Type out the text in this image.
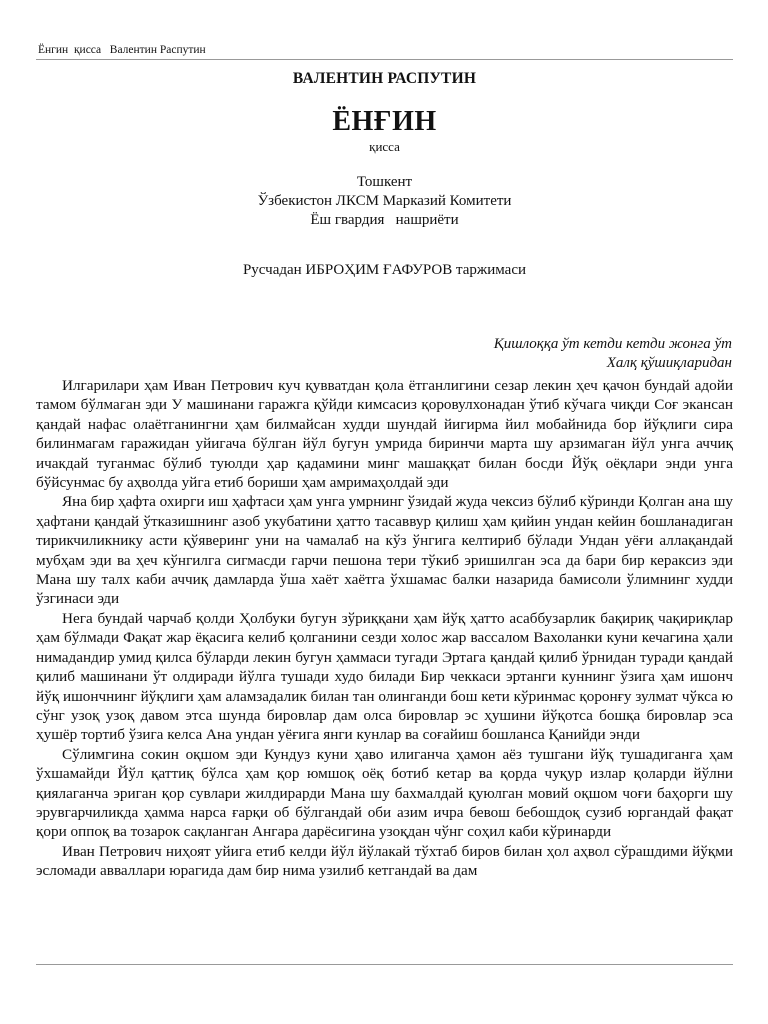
Ёнгин  қисса   Валентин Распутин
ВАЛЕНТИН РАСПУТИН
ЁНҒИН
қисса
Тошкент
Ўзбекистон ЛКСМ Марказий Комитети
Ёш гвардия   нашриёти
Русчадан ИБРОҲИМ ҒАФУРОВ таржимаси
Қишлоққа ўт кетди кетди жонга ўт
Халқ қўшиқларидан

Илгарилари ҳам Иван Петрович куч қувватдан қола ётганлигини сезар лекин ҳеч қачон бундай адойи тамом бўлмаган эди У машинани гаражга қўйди кимсасиз қоровулхонадан ўтиб кўчага чиқди Соғ экансан қандай нафас олаётганингни ҳам билмайсан худди шундай йигирма йил мобайнида бор йўқлиги сира билинмагам гаражидан уйигача бўлган йўл бугун умрида биринчи марта шу арзимаган йўл унга аччиқ ичакдай туганмас бўлиб туюлди ҳар қадамини минг машаққат билан босди Йўқ оёқлари энди унга бўйсунмас бу аҳволда уйга етиб бориши ҳам амримаҳолдай эди

Яна бир ҳафта охирги иш ҳафтаси ҳам унга умрнинг ўзидай жуда чексиз бўлиб кўринди Қолган ана шу ҳафтани қандай ўтказишнинг азоб укубатини ҳатто тасаввур қилиш ҳам қийин ундан кейин бошланадиган тирикчиликнику асти қўяверинг уни на чамалаб на кўз ўнгига келтириб бўлади Ундан уёғи аллақандай мубҳам эди ва ҳеч кўнгилга сигмасди гарчи пешона тери тўкиб эришилган эса да бари бир кераксиз эди Мана шу талх каби аччиқ дамларда ўша хаёт хаётга ўхшамас балки назарида бамисоли ўлимнинг худди ўзгинаси эди

Нега бундай чарчаб қолди Ҳолбуки бугун зўриққани ҳам йўқ ҳатто асаббузарлик бақириқ чақириқлар ҳам бўлмади Фақат жар ёқасига келиб қолганини сезди холос жар вассалом Вахоланки куни кечагина ҳали нимадандир умид қилса бўларди лекин бугун ҳаммаси тугади Эртага қандай қилиб ўрнидан туради қандай қилиб машинани ўт олдиради йўлга тушади худо билади Бир чеккаси эртанги куннинг ўзига ҳам ишонч йўқ ишончнинг йўқлиги ҳам аламзадалик билан тан олинганди бош кети кўринмас қоронғу зулмат чўкса ю сўнг узоқ узоқ давом этса шунда бировлар дам олса бировлар эс ҳушини йўқотса бошқа бировлар эса ҳушёр тортиб ўзига келса Ана ундан уёғига янги кунлар ва соғайиш бошланса Қанийди энди

Сўлимгина сокин оқшом эди Кундуз куни ҳаво илиганча ҳамон аёз тушгани йўқ тушадиганга ҳам ўхшамайди Йўл қаттиқ бўлса ҳам қор юмшоқ оёқ ботиб кетар ва қорда чуқур излар қоларди йўлни қиялаганча эриган қор сувлари жилдирарди Мана шу бахмалдай қуюлган мовий оқшом чоғи баҳорги шу эрувгарчиликда ҳамма нарса ғарқи об бўлгандай оби азим ичра бевош бебошдоқ сузиб юргандай фақат қори оппоқ ва тозарок сақланган Ангара дарёсигина узоқдан чўнг соҳил каби кўринарди

Иван Петрович ниҳоят уйига етиб келди йўл йўлакай тўхтаб биров билан ҳол аҳвол сўрашдими йўқми эсломади авваллари юрагида дам бир нима узилиб кетгандай ва дам
